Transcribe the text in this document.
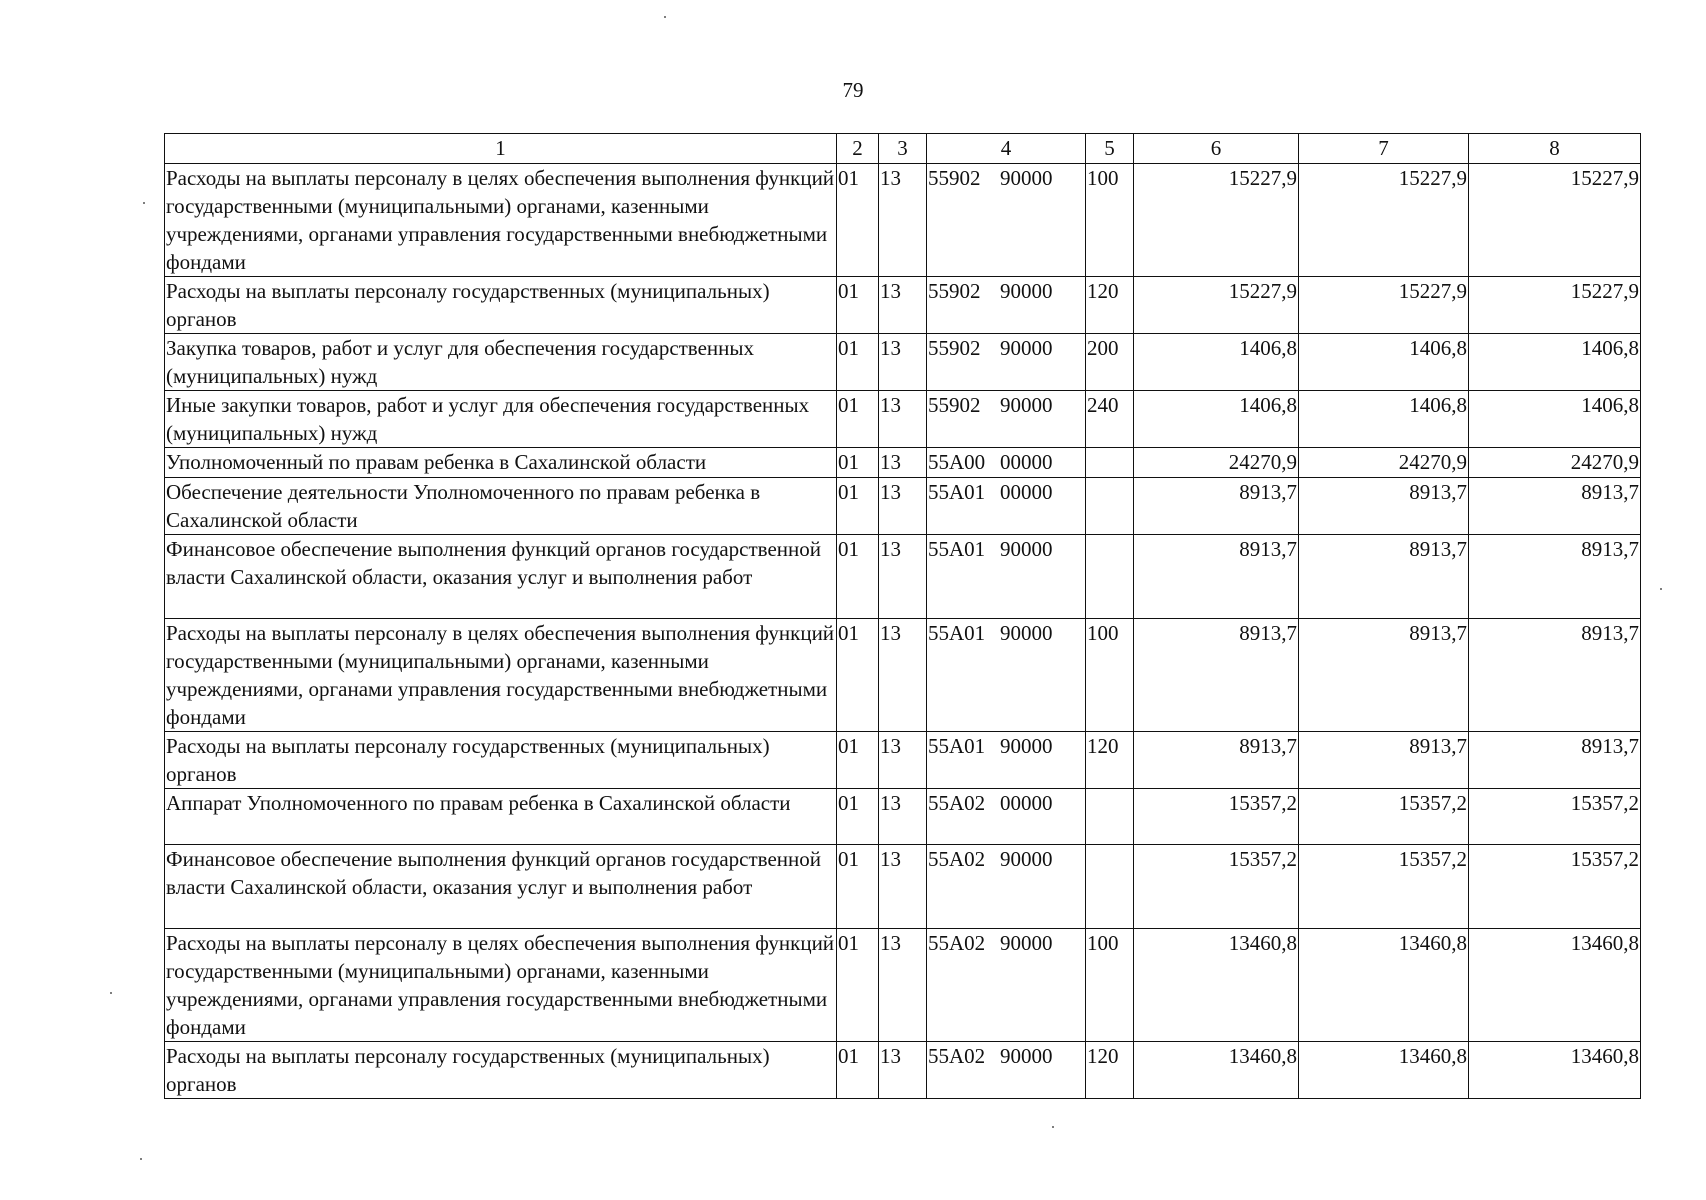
79
1	2	3	4	5	6	7	8
Расходы на выплаты персоналу в целях обеспечения выполнения функций государственными (муниципальными) органами, казенными учреждениями, органами управления государственными внебюджетными фондами	01	13	55902 90000	100	15227,9	15227,9	15227,9
Расходы на выплаты персоналу государственных (муниципальных) органов	01	13	55902 90000	120	15227,9	15227,9	15227,9
Закупка товаров, работ и услуг для обеспечения государственных (муниципальных) нужд	01	13	55902 90000	200	1406,8	1406,8	1406,8
Иные закупки товаров, работ и услуг для обеспечения государственных (муниципальных) нужд	01	13	55902 90000	240	1406,8	1406,8	1406,8
Уполномоченный по правам ребенка в Сахалинской области	01	13	55А00 00000		24270,9	24270,9	24270,9
Обеспечение деятельности Уполномоченного по правам ребенка в Сахалинской области	01	13	55А01 00000		8913,7	8913,7	8913,7
Финансовое обеспечение выполнения функций органов государственной власти Сахалинской области, оказания услуг и выполнения работ	01	13	55А01 90000		8913,7	8913,7	8913,7
Расходы на выплаты персоналу в целях обеспечения выполнения функций государственными (муниципальными) органами, казенными учреждениями, органами управления государственными внебюджетными фондами	01	13	55А01 90000	100	8913,7	8913,7	8913,7
Расходы на выплаты персоналу государственных (муниципальных) органов	01	13	55А01 90000	120	8913,7	8913,7	8913,7
Аппарат Уполномоченного по правам ребенка в Сахалинской области	01	13	55А02 00000		15357,2	15357,2	15357,2
Финансовое обеспечение выполнения функций органов государственной власти Сахалинской области, оказания услуг и выполнения работ	01	13	55А02 90000		15357,2	15357,2	15357,2
Расходы на выплаты персоналу в целях обеспечения выполнения функций государственными (муниципальными) органами, казенными учреждениями, органами управления государственными внебюджетными фондами	01	13	55А02 90000	100	13460,8	13460,8	13460,8
Расходы на выплаты персоналу государственных (муниципальных) органов	01	13	55А02 90000	120	13460,8	13460,8	13460,8
